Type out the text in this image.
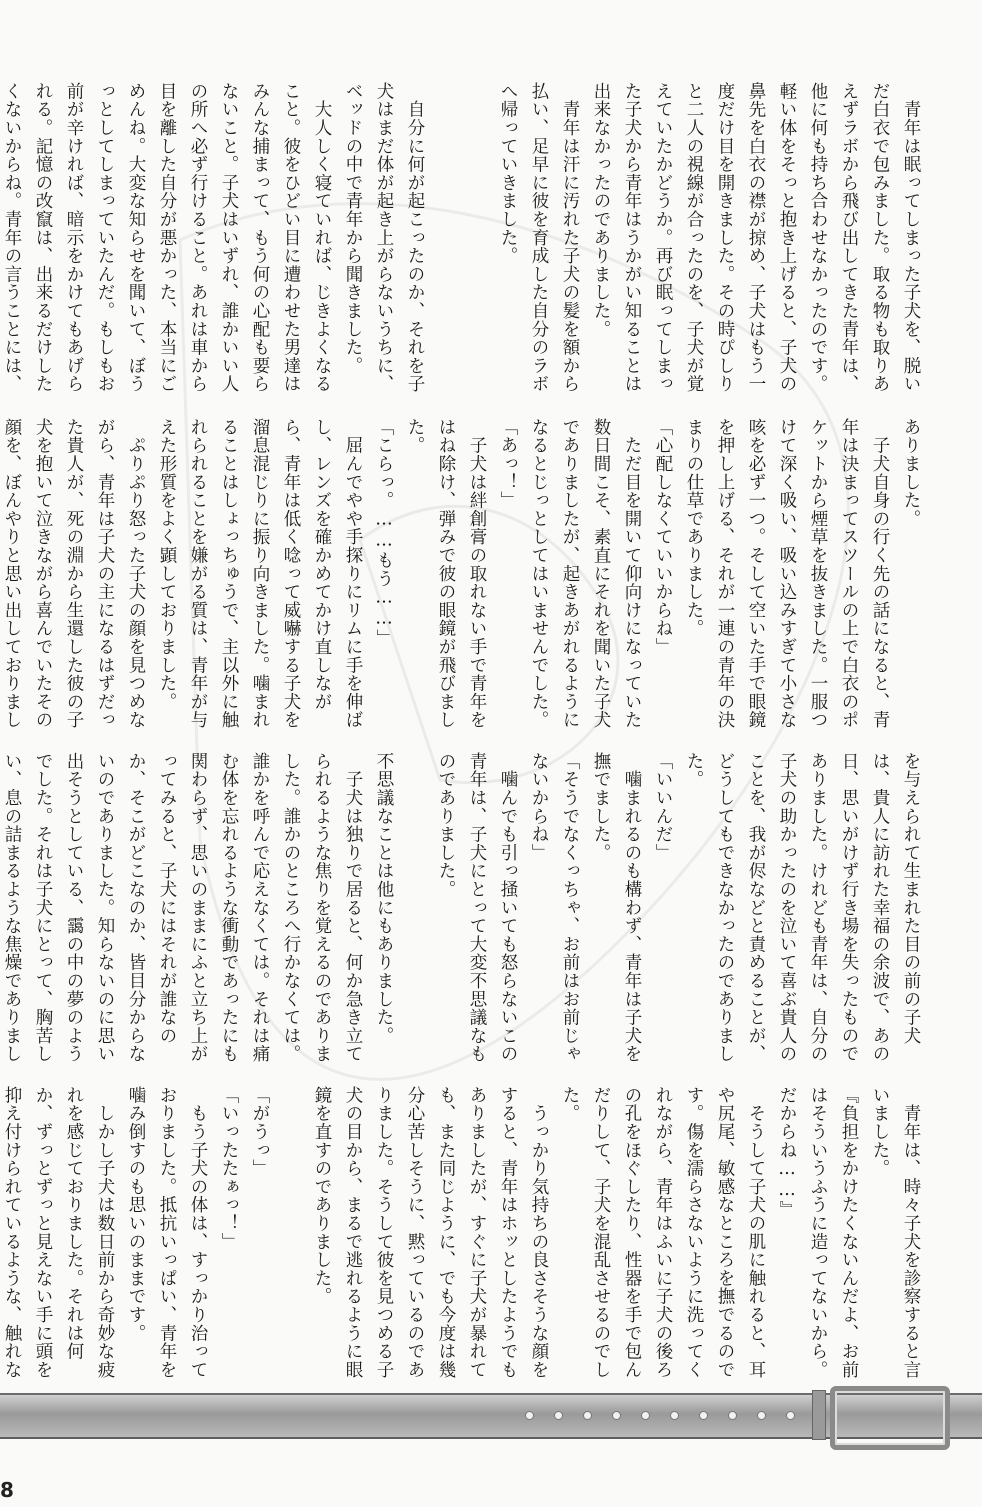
　青年は眠ってしまった子犬を、脱いだ白衣で包みました。取る物も取りあえずラボから飛び出してきた青年は、他に何も持ち合わせなかったのです。軽い体をそっと抱き上げると、子犬の鼻先を白衣の襟が掠め、子犬はもう一度だけ目を開きました。その時ぴしりと二人の視線が合ったのを、子犬が覚えていたかどうか。再び眠ってしまった子犬から青年はうかがい知ることは出来なかったのでありました。
　青年は汗に汚れた子犬の髪を額から払い、足早に彼を育成した自分のラボへ帰っていきました。

　自分に何が起こったのか、それを子犬はまだ体が起き上がらないうちに、ベッドの中で青年から聞きました。
　大人しく寝ていれば、じきよくなること。彼をひどい目に遭わせた男達はみんな捕まって、もう何の心配も要らないこと。子犬はいずれ、誰かいい人の所へ必ず行けること。あれは車から目を離した自分が悪かった、本当にごめんね。大変な知らせを聞いて、ぼうっとしてしまっていたんだ。もしもお前が辛ければ、暗示をかけてもあげられる。記憶の改竄は、出来るだけしたくないからね。青年の言うことには、
ありました。
　子犬自身の行く先の話になると、青年は決まってスツールの上で白衣のポケットから煙草を抜きました。一服つけて深く吸い、吸い込みすぎて小さな咳を必ず一つ。そして空いた手で眼鏡を押し上げる、それが一連の青年の決まりの仕草でありました。
「心配しなくていいからね」
　ただ目を開いて仰向けになっていた数日間こそ、素直にそれを聞いた子犬でありましたが、起きあがれるようになるとじっとしてはいませんでした。
「あっ！」
　子犬は絆創膏の取れない手で青年をはね除け、弾みで彼の眼鏡が飛びました。
「こらっ。……もう……」
　屈んでやや手探りにリムに手を伸ばし、レンズを確かめてかけ直しながら、青年は低く唸って威嚇する子犬を溜息混じりに振り向きました。噛まれることはしょっちゅうで、主以外に触れられることを嫌がる質は、青年が与えた形質をよく顕しておりました。
　ぷりぷり怒った子犬の顔を見つめながら、青年は子犬の主になるはずだった貴人が、死の淵から生還した彼の子犬を抱いて泣きながら喜んでいたその顔を、ぼんやりと思い出しておりまし
を与えられて生まれた目の前の子犬は、貴人に訪れた幸福の余波で、あの日、思いがけず行き場を失ったものでありました。けれども青年は、自分の子犬の助かったのを泣いて喜ぶ貴人のことを、我が侭などと責めることが、どうしてもできなかったのでありました。
「いいんだ」
　噛まれるのも構わず、青年は子犬を撫でました。
「そうでなくっちゃ、お前はお前じゃないからね」
　噛んでも引っ掻いても怒らないこの青年は、子犬にとって大変不思議なものでありました。

不思議なことは他にもありました。
　子犬は独りで居ると、何か急き立てられるような焦りを覚えるのでありました。誰かのところへ行かなくては。誰かを呼んで応えなくては。それは痛む体を忘れるような衝動であったにも関わらず、思いのままにふと立ち上がってみると、子犬にはそれが誰なのか、そこがどこなのか、皆目分からないのでありました。知らないのに思い出そうとしている、靄の中の夢のようでした。それは子犬にとって、胸苦しい、息の詰まるような焦燥でありまし
　青年は、時々子犬を診察すると言いました。
『負担をかけたくないんだよ、お前はそういうふうに造ってないから。だからね……』
　そうして子犬の肌に触れると、耳や尻尾、敏感なところを撫でるのです。傷を濡らさないように洗ってくれながら、青年はふいに子犬の後ろの孔をほぐしたり、性器を手で包んだりして、子犬を混乱させるのでした。
　うっかり気持ちの良さそうな顔をすると、青年はホッとしたようでもありましたが、すぐに子犬が暴れても、また同じように、でも今度は幾分心苦しそうに、黙っているのでありました。そうして彼を見つめる子犬の目から、まるで逃れるように眼鏡を直すのでありました。

「がうっ」
「いったたぁっ！」
　もう子犬の体は、すっかり治っておりました。抵抗いっぱい、青年を噛み倒すのも思いのままです。
　しかし子犬は数日前から奇妙な疲れを感じておりました。それは何か、ずっとずっと見えない手に頭を抑え付けられているような、触れな
8
